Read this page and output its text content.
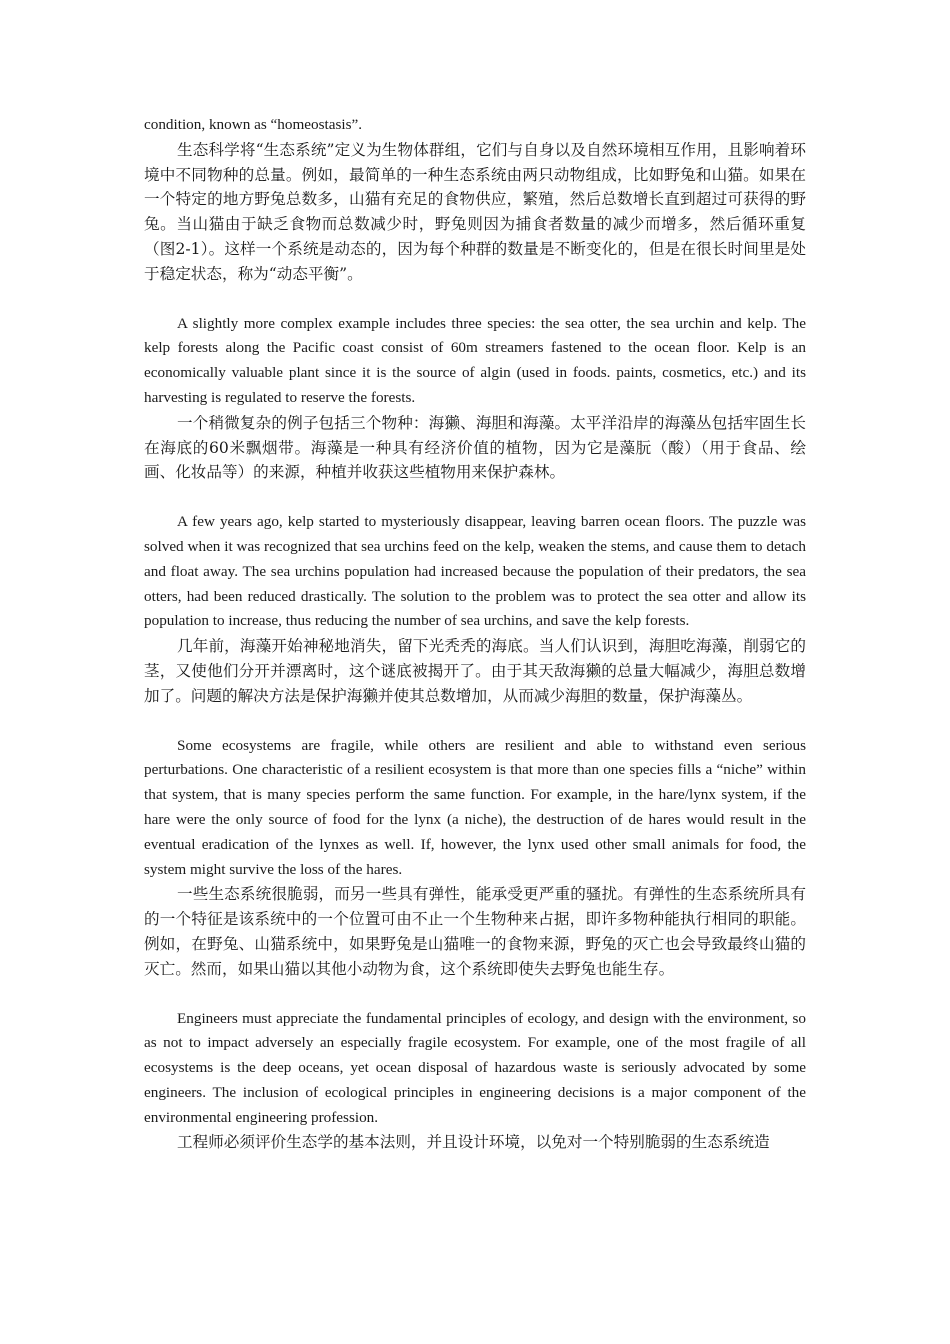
condition, known as “homeostasis”.

生态科学将“生态系统”定义为生物体群组，它们与自身以及自然环境相互作用，且影响着环境中不同物种的总量。例如，最简单的一种生态系统由两只动物组成，比如野兔和山猫。如果在一个特定的地方野兔总数多，山猫有充足的食物供应，繁殖，然后总数增长直到超过可获得的野兔。当山猫由于缺乏食物而总数减少时，野兔则因为捕食者数量的减少而增多，然后循环重复（图2-1）。这样一个系统是动态的，因为每个种群的数量是不断变化的，但是在很长时间里是处于稳定状态，称为“动态平衡”。

A slightly more complex example includes three species: the sea otter, the sea urchin and kelp. The kelp forests along the Pacific coast consist of 60m streamers fastened to the ocean floor. Kelp is an economically valuable plant since it is the source of algin (used in foods. paints, cosmetics, etc.) and its harvesting is regulated to reserve the forests.

一个稍微复杂的例子包括三个物种：海獭、海胆和海藻。太平洋沿岸的海藻丛包括牢固生长在海底的60米飘烟带。海藻是一种具有经济价值的植物，因为它是藻朊（酸）（用于食品、绘画、化妆品等）的来源，种植并收获这些植物用来保护森林。

A few years ago, kelp started to mysteriously disappear, leaving barren ocean floors. The puzzle was solved when it was recognized that sea urchins feed on the kelp, weaken the stems, and cause them to detach and float away. The sea urchins population had increased because the population of their predators, the sea otters, had been reduced drastically. The solution to the problem was to protect the sea otter and allow its population to increase, thus reducing the number of sea urchins, and save the kelp forests.

几年前，海藻开始神秘地消失，留下光秃秃的海底。当人们认识到，海胆吃海藻，削弱它的茎，又使他们分开并漂离时，这个谜底被揭开了。由于其天敌海獭的总量大幅减少，海胆总数增加了。问题的解决方法是保护海獭并使其总数增加，从而减少海胆的数量，保护海藻丛。

Some ecosystems are fragile, while others are resilient and able to withstand even serious perturbations. One characteristic of a resilient ecosystem is that more than one species fills a “niche” within that system, that is many species perform the same function. For example, in the hare/lynx system, if the hare were the only source of food for the lynx (a niche), the destruction of de hares would result in the eventual eradication of the lynxes as well. If, however, the lynx used other small animals for food, the system might survive the loss of the hares.

一些生态系统很脆弱，而另一些具有弹性，能承受更严重的骚扰。有弹性的生态系统所具有的一个特征是该系统中的一个位置可由不止一个生物种来占据，即许多物种能执行相同的职能。例如，在野兔、山猫系统中，如果野兔是山猫唯一的食物来源，野兔的灭亡也会导致最终山猫的灭亡。然而，如果山猫以其他小动物为食，这个系统即使失去野兔也能生存。

Engineers must appreciate the fundamental principles of ecology, and design with the environment, so as not to impact adversely an especially fragile ecosystem. For example, one of the most fragile of all ecosystems is the deep oceans, yet ocean disposal of hazardous waste is seriously advocated by some engineers. The inclusion of ecological principles in engineering decisions is a major component of the environmental engineering profession.

工程师必须评价生态学的基本法则，并且设计环境，以免对一个特别脆弱的生态系统造
